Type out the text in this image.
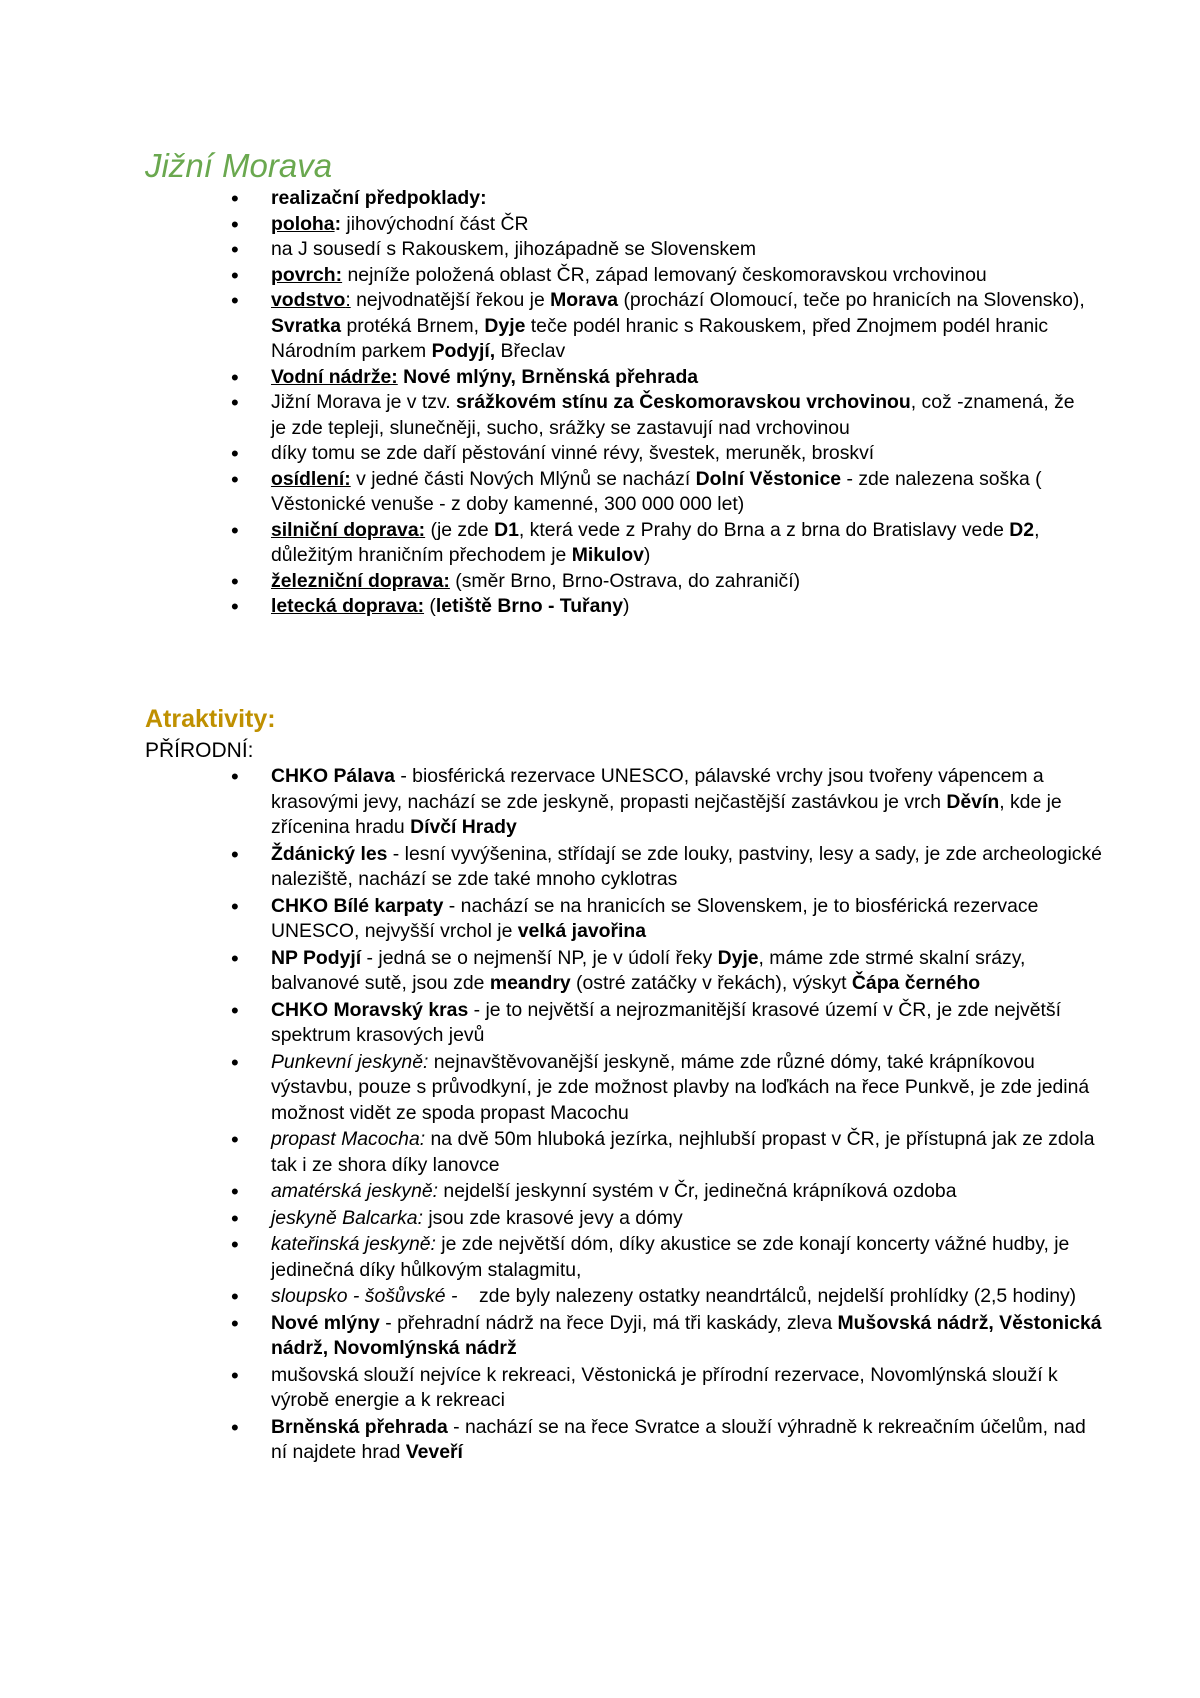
Jižní Morava
• realizační předpoklady:
• poloha: jihovýchodní část ČR
• na J sousedí s Rakouskem, jihozápadně se Slovenskem
• povrch: nejníže položená oblast ČR, západ lemovaný českomoravskou vrchovinou
• vodstvo: nejvodnatější řekou je Morava (prochází Olomoucí, teče po hranicích na Slovensko), Svratka protéká Brnem, Dyje teče podél hranic s Rakouskem, před Znojmem podél hranic Národním parkem Podyjí, Břeclav
• Vodní nádrže: Nové mlýny, Brněnská přehrada
• Jižní Morava je v tzv. srážkovém stínu za Českomoravskou vrchovinou, což -znamená, že je zde tepleji, slunečněji, sucho, srážky se zastavují nad vrchovinou
• díky tomu se zde daří pěstování vinné révy, švestek, meruněk, broskví
• osídlení: v jedné části Nových Mlýnů se nachází Dolní Věstonice - zde nalezena soška ( Věstonické venuše - z doby kamenné, 300 000 000 let)
• silniční doprava: (je zde D1, která vede z Prahy do Brna a z brna do Bratislavy vede D2, důležitým hraničním přechodem je Mikulov)
• železniční doprava: (směr Brno, Brno-Ostrava, do zahraničí)
• letecká doprava: (letiště Brno - Tuřany)
Atraktivity:
PŘÍRODNÍ:
• CHKO Pálava - biosférická rezervace UNESCO, pálavské vrchy jsou tvořeny vápencem a krasovými jevy, nachází se zde jeskyně, propasti nejčastější zastávkou je vrch Děvín, kde je zřícenina hradu Dívčí Hrady
• Ždánický les - lesní vyvýšenina, střídají se zde louky, pastviny, lesy a sady, je zde archeologické naleziště, nachází se zde také mnoho cyklotras
• CHKO Bílé karpaty - nachází se na hranicích se Slovenskem, je to biosférická rezervace UNESCO, nejvyšší vrchol je velká javořina
• NP Podyjí - jedná se o nejmenší NP, je v údolí řeky Dyje, máme zde strmé skalní srázy, balvanové sutě, jsou zde meandry (ostré zatáčky v řekách), výskyt Čápa černého
• CHKO Moravský kras - je to největší a nejrozmanitější krasové území v ČR, je zde největší spektrum krasových jevů
• Punkevní jeskyně: nejnavštěvovanější jeskyně, máme zde různé dómy, také krápníkovou výstavbu, pouze s průvodkyní, je zde možnost plavby na loďkách na řece Punkvě, je zde jediná možnost vidět ze spoda propast Macochu
• propast Macocha: na dvě 50m hluboká jezírka, nejhlubší propast v ČR, je přístupná jak ze zdola tak i ze shora díky lanovce
• amatérská jeskyně: nejdelší jeskynní systém v Čr, jedinečná krápníková ozdoba
• jeskyně Balcarka: jsou zde krasové jevy a dómy
• kateřinská jeskyně: je zde největší dóm, díky akustice se zde konají koncerty vážné hudby, je jedinečná díky hůlkovým stalagmitu,
• sloupsko - šošůvské -    zde byly nalezeny ostatky neandrtálců, nejdelší prohlídky (2,5 hodiny)
• Nové mlýny - přehradní nádrž na řece Dyji, má tři kaskády, zleva Mušovská nádrž, Věstonická nádrž, Novomlýnská nádrž
• mušovská slouží nejvíce k rekreaci, Věstonická je přírodní rezervace, Novomlýnská slouží k výrobě energie a k rekreaci
• Brněnská přehrada - nachází se na řece Svratce a slouží výhradně k rekreačním účelům, nad ní najdete hrad Veveří
